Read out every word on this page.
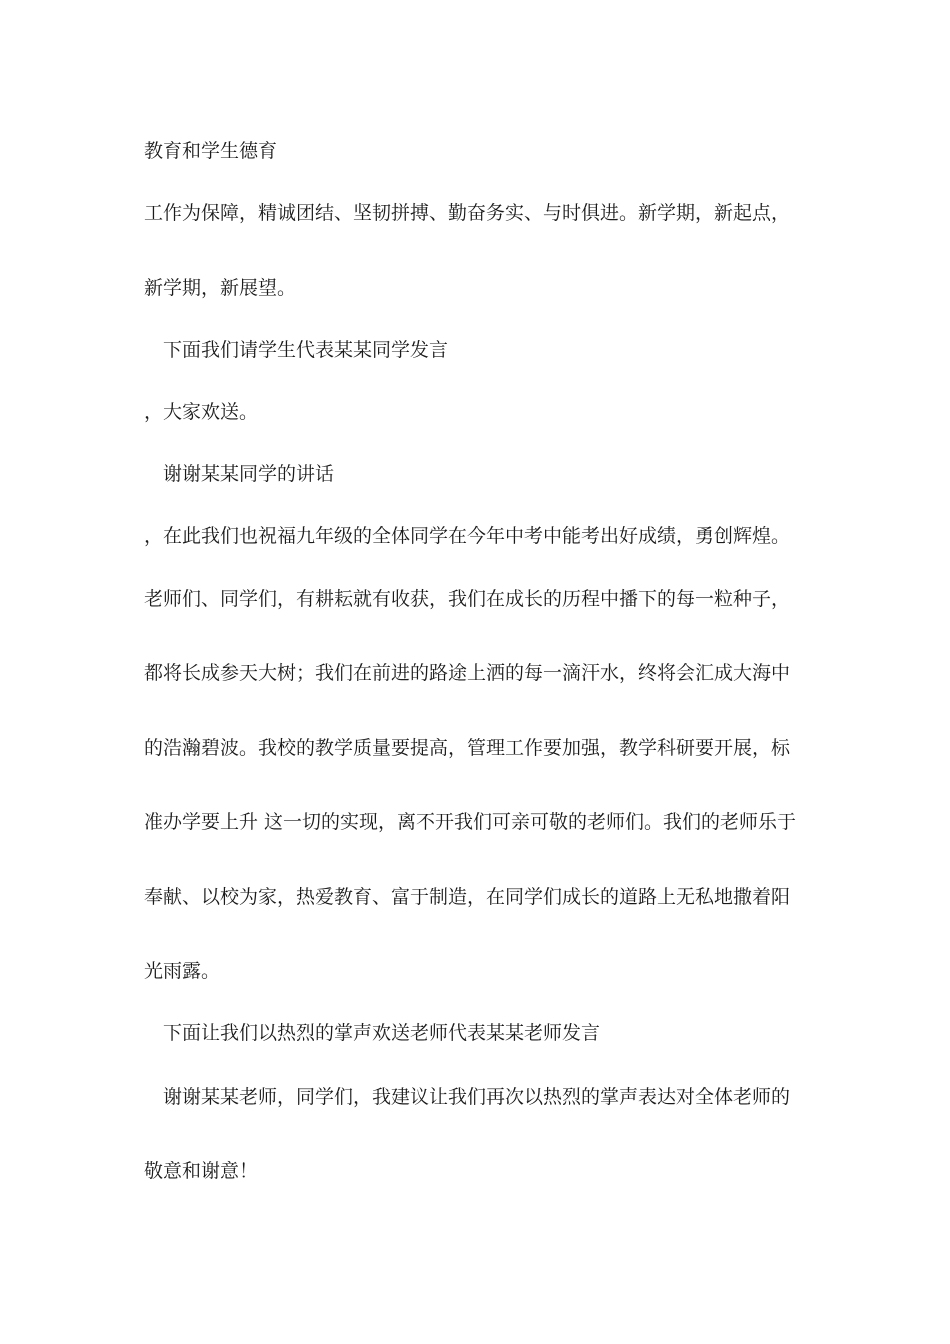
教育和学生德育
工作为保障，精诚团结、坚韧拼搏、勤奋务实、与时俱进。新学期，新起点，
新学期，新展望。
　下面我们请学生代表某某同学发言
，大家欢送。
　谢谢某某同学的讲话
，在此我们也祝福九年级的全体同学在今年中考中能考出好成绩，勇创辉煌。
老师们、同学们，有耕耘就有收获，我们在成长的历程中播下的每一粒种子，
都将长成参天大树；我们在前进的路途上洒的每一滴汗水，终将会汇成大海中
的浩瀚碧波。我校的教学质量要提高，管理工作要加强，教学科研要开展，标
准办学要上升 这一切的实现，离不开我们可亲可敬的老师们。我们的老师乐于
奉献、以校为家，热爱教育、富于制造，在同学们成长的道路上无私地撒着阳
光雨露。
　下面让我们以热烈的掌声欢送老师代表某某老师发言
　谢谢某某老师，同学们，我建议让我们再次以热烈的掌声表达对全体老师的
敬意和谢意！
